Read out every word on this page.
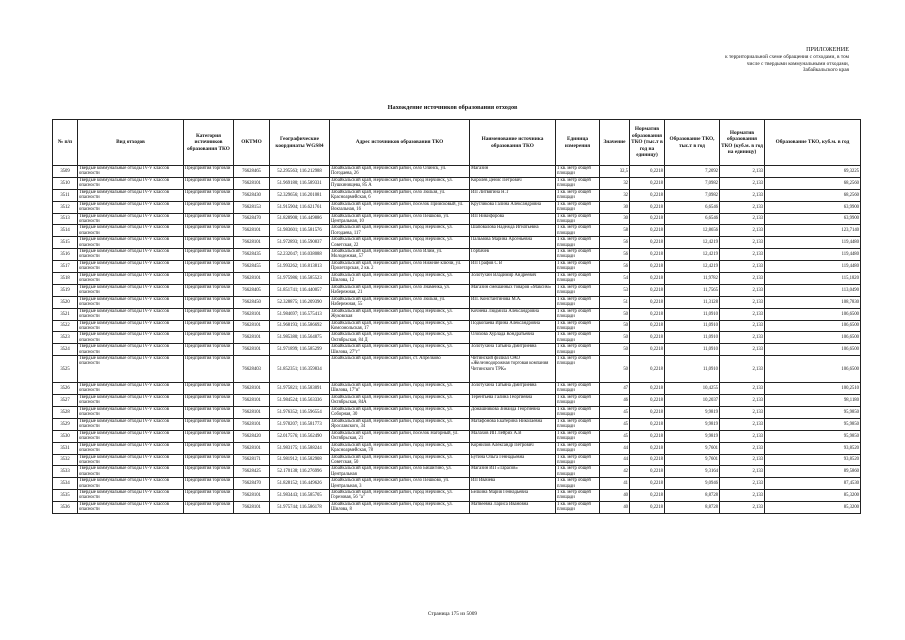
ПРИЛОЖЕНИЕ
к территориальной схеме обращения с отходами, в том
числе с твердыми коммунальными отходами,
Забайкальского края
Нахождение источников образования отходов
№ п/п	Вид отходов	Категория источников образования ТКО	ОКТМО	Географические координаты WGS84	Адрес источников образования ТКО	Наименование источника образования ТКО	Единица измерения	Значение	Норматив образования ТКО (тыс.т в год на единицу)	Образование ТКО, тыс.т в год	Норматив образования ТКО (куб.м. в год на единицу)	Образование ТКО, куб.м. в год
3509	Твердые коммунальные отходы IV-V классов опасности	Предприятия торговли	76628465	52.295563; 116.212988	Забайкальский край, Нерчинский район, село Олинск, ул. Погодаева, 26	Магазин	1 кв. метр общей площади	32,5	0,2218	7,2092	2,133	69,3225
3510	Твердые коммунальные отходы IV-V классов опасности	Предприятия торговли	76628101	51.969180; 116.589331	Забайкальский край, Нерчинский район, город Нерчинск, ул. Пушкинищева, 85 А	Королев Денис Петрович	1 кв. метр общей площади	32	0,2218	7,0982	2,133	68,2560
3511	Твердые коммунальные отходы IV-V классов опасности	Предприятия торговли	76628430	52.329656; 116.201081	Забайкальский край, Нерчинский район, село Зюльзя, ул. Красноармейская, 6	ИП Литвягина Н.Т	1 кв. метр общей площади	32	0,2218	7,0982	2,133	68,2560
3512	Твердые коммунальные отходы IV-V классов опасности	Предприятия торговли	76628153	51.915904; 116.621761	Забайкальский край, Нерчинский район, поселок Приисковый, ул. Вокзальная, 16	Кругликова Галина Александровна	1 кв. метр общей площади	30	0,2218	6,6546	2,133	63,9900
3513	Твердые коммунальные отходы IV-V классов опасности	Предприятия торговли	76628470	51.828908; 116.449886	Забайкальский край, Нерчинский район, село Пешково, ул. Центральная, 10	ИП Никифорова	1 кв. метр общей площади	30	0,2218	6,6546	2,133	63,9900
3514	Твердые коммунальные отходы IV-V классов опасности	Предприятия торговли	76628101	51.983601; 116.581576	Забайкальский край, Нерчинский район, город Нерчинск, ул. Погодаева, 117	Шаповалова Надежда Игнатьевна	1 кв. метр общей площади	58	0,2218	12,8656	2,133	123,7140
3515	Твердые коммунальные отходы IV-V классов опасности	Предприятия торговли	76628101	51.972893; 116.590837	Забайкальский край, Нерчинский район, город Нерчинск, ул. Советская, 22	Пальмова Марина Арсеньевна	1 кв. метр общей площади	56	0,2218	12,4219	2,133	119,4480
3516	Твердые коммунальные отходы IV-V классов опасности	Предприятия торговли	76628435	52.232047; 116.038088	Забайкальский край, Нерчинский район, село Илим, ул. Молодежная, 57	Горбачев	1 кв. метр общей площади	56	0,2218	12,4219	2,133	119,4480
3517	Твердые коммунальные отходы IV-V классов опасности	Предприятия торговли	76628455	51.993262; 116.813813	Забайкальский край, Нерчинский район, село Нижние ключи, ул. Пролетарская, 2 кв. 2	ИП Графов С В	1 кв. метр общей площади	56	0,2218	12,4219	2,133	119,4480
3518	Твердые коммунальные отходы IV-V классов опасности	Предприятия торговли	76628101	51.975986; 116.585523	Забайкальский край, Нерчинский район, город Нерчинск, ул. Шилова, 12	Золотухин Владимир Андреевич	1 кв. метр общей площади	54	0,2218	11,9782	2,133	115,1820
3519	Твердые коммунальные отходы IV-V классов опасности	Предприятия торговли	76628405	51.851741; 116.440057	Забайкальский край, Нерчинский район, село Знаменка, ул. Набережная, 21	Магазин смешанных товаров «Максим»	1 кв. метр общей площади	53	0,2218	11,7565	2,133	113,0490
3520	Твердые коммунальные отходы IV-V классов опасности	Предприятия торговли	76628450	52.328875; 116.209390	Забайкальский край, Нерчинский район, село Зюльзя, ул. Набережная, 55	ИП. Константинова М.А.	1 кв. метр общей площади	51	0,2218	11,3128	2,133	108,7830
3521	Твердые коммунальные отходы IV-V классов опасности	Предприятия торговли	76628101	51.984697; 116.575413	Забайкальский край, Нерчинский район, город Нерчинск, ул. Жуковская	Кочнева Людмила Александровна	1 кв. метр общей площади	50	0,2218	11,0910	2,133	106,6500
3522	Твердые коммунальные отходы IV-V классов опасности	Предприятия торговли	76628101	51.968193; 116.586692	Забайкальский край, Нерчинский район, город Нерчинск, ул. Комсомольская, 17	Подкопаева Ирина Александровна	1 кв. метр общей площади	50	0,2218	11,0910	2,133	106,6500
3523	Твердые коммунальные отходы IV-V классов опасности	Предприятия торговли	76628101	51.985380; 116.564875	Забайкальский край, Нерчинский район, город Нерчинск, ул. Октябрьская, 84 Д	Олохова Хурлада Кондратьевна	1 кв. метр общей площади	50	0,2218	11,0910	2,133	106,6500
3524	Твердые коммунальные отходы IV-V классов опасности	Предприятия торговли	76628101	51.971899; 116.585299	Забайкальский край, Нерчинский район, город Нерчинск, ул. Шилова, 27"г"	Золотухина Татьяна Дмитриевна	1 кв. метр общей площади	50	0,2218	11,0910	2,133	106,6500
3525	Твердые коммунальные отходы IV-V классов опасности	Предприятия торговли	76628403	51.852351; 116.359834	Забайкальский край, Нерчинский район, ст. Апрелково	Читинский филиал ОАО «Железнодорожная торговая компания Читинского ТРК»	1 кв. метр общей площади	50	0,2218	11,0910	2,133	106,6500
3526	Твердые коммунальные отходы IV-V классов опасности	Предприятия торговли	76628101	51.975821; 116.583091	Забайкальский край, Нерчинский район, город Нерчинск, ул. Шилова, 17"в"	Золотухина Татьяна Дмитриевна	1 кв. метр общей площади	47	0,2218	10,4255	2,133	100,2510
3527	Твердые коммунальные отходы IV-V классов опасности	Предприятия торговли	76628101	51.984524; 116.563336	Забайкальский край, Нерчинский район, город Нерчинск, ул. Октябрьская, 84А	Терентьева Галина Георгиевна	1 кв. метр общей площади	46	0,2218	10,2037	2,133	98,1180
3528	Твердые коммунальные отходы IV-V классов опасности	Предприятия торговли	76628101	51.976352; 116.596554	Забайкальский край, Нерчинский район, город Нерчинск, ул. Соборная, 30	Домашникова Зинаида Георгиевна	1 кв. метр общей площади	45	0,2218	9,9819	2,133	95,9850
3529	Твердые коммунальные отходы IV-V классов опасности	Предприятия торговли	76628101	51.978207; 116.581773	Забайкальский край, Нерчинский район, город Нерчинск, ул. Ярославского, 34	Матафонова Екатерина Николаевна	1 кв. метр общей площади	45	0,2218	9,9819	2,133	95,9850
3530	Твердые коммунальные отходы IV-V классов опасности	Предприятия торговли	76628420	52.017576; 116.562490	Забайкальский край, Нерчинский район, поселок Нагорный, ул. Октябрьская, 21	Малахов ИП Лейрих А.В	1 кв. метр общей площади	45	0,2218	9,9819	2,133	95,9850
3531	Твердые коммунальные отходы IV-V классов опасности	Предприятия торговли	76628101	51.983175; 116.588244	Забайкальский край, Нерчинский район, город Нерчинск, ул. Красноармейская, 78	Корнилов Александр Петрович	1 кв. метр общей площади	44	0,2218	9,7601	2,133	93,8520
3532	Твердые коммунальные отходы IV-V классов опасности	Предприятия торговли	76628171	51.981912; 116.582908	Забайкальский край, Нерчинский район, город Нерчинск, ул. Советская, 50	Бутина Ольга Геннадьевна	1 кв. метр общей площади	44	0,2218	9,7601	2,133	93,8520
3533	Твердые коммунальные отходы IV-V классов опасности	Предприятия торговли	76628425	52.170138; 116.276996	Забайкальский край, Нерчинский район, село Бишигино, ул. Центральная	Магазин ИП «Тарасов»	1 кв. метр общей площади	42	0,2218	9,3164	2,133	89,5860
3534	Твердые коммунальные отходы IV-V классов опасности	Предприятия торговли	76628470	51.828152; 116.449626	Забайкальский край, Нерчинский район, село Пешково, ул. Центральная, 3	ИП Ивачёва	1 кв. метр общей площади	41	0,2218	9,0946	2,133	87,4530
3535	Твердые коммунальные отходы IV-V классов опасности	Предприятия торговли	76628101	51.983443; 116.585705	Забайкальский край, Нерчинский район, город Нерчинск, ул. Горезовая, 56 "а"	Белкина Мария Геннадьевна	1 кв. метр общей площади	40	0,2218	8,8728	2,133	85,3200
3536	Твердые коммунальные отходы IV-V классов опасности	Предприятия торговли	76628101	51.975744; 116.586178	Забайкальский край, Нерчинский район, город Нерчинск, ул. Шилова, 8	Матвеевна Лариса Ивановна	1 кв. метр общей площади	40	0,2218	8,8728	2,133	85,3200
Страница 175 из 5009
